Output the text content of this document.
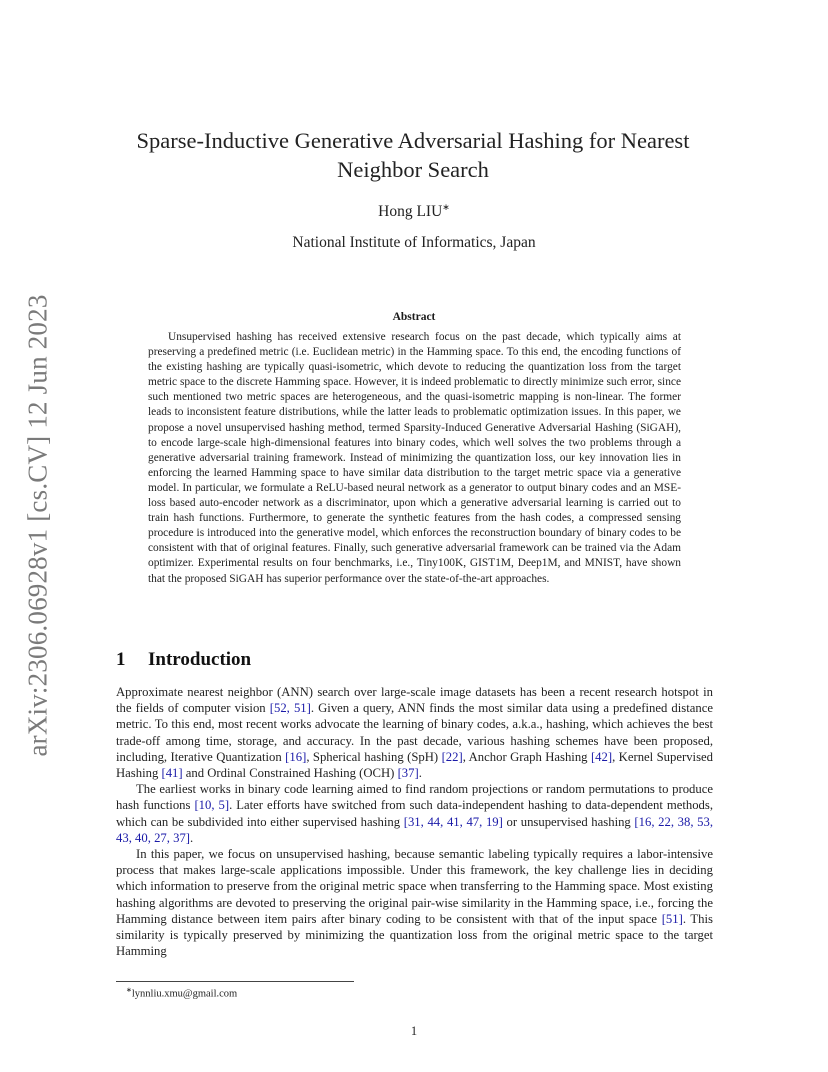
arXiv:2306.06928v1 [cs.CV] 12 Jun 2023
Sparse-Inductive Generative Adversarial Hashing for Nearest Neighbor Search
Hong LIU∗
National Institute of Informatics, Japan
Abstract
Unsupervised hashing has received extensive research focus on the past decade, which typically aims at preserving a predefined metric (i.e. Euclidean metric) in the Hamming space. To this end, the encoding functions of the existing hashing are typically quasi-isometric, which devote to reducing the quantization loss from the target metric space to the discrete Hamming space. However, it is indeed problematic to directly minimize such error, since such mentioned two metric spaces are heterogeneous, and the quasi-isometric mapping is non-linear. The former leads to inconsistent feature distributions, while the latter leads to problematic optimization issues. In this paper, we propose a novel unsupervised hashing method, termed Sparsity-Induced Generative Adversarial Hashing (SiGAH), to encode large-scale high-dimensional features into binary codes, which well solves the two problems through a generative adversarial training framework. Instead of minimizing the quantization loss, our key innovation lies in enforcing the learned Hamming space to have similar data distribution to the target metric space via a generative model. In particular, we formulate a ReLU-based neural network as a generator to output binary codes and an MSE-loss based auto-encoder network as a discriminator, upon which a generative adversarial learning is carried out to train hash functions. Furthermore, to generate the synthetic features from the hash codes, a compressed sensing procedure is introduced into the generative model, which enforces the reconstruction boundary of binary codes to be consistent with that of original features. Finally, such generative adversarial framework can be trained via the Adam optimizer. Experimental results on four benchmarks, i.e., Tiny100K, GIST1M, Deep1M, and MNIST, have shown that the proposed SiGAH has superior performance over the state-of-the-art approaches.
1 Introduction

Approximate nearest neighbor (ANN) search over large-scale image datasets has been a recent research hotspot in the fields of computer vision [52, 51]. Given a query, ANN finds the most similar data using a predefined distance metric. To this end, most recent works advocate the learning of binary codes, a.k.a., hashing, which achieves the best trade-off among time, storage, and accuracy. In the past decade, various hashing schemes have been proposed, including, Iterative Quantization [16], Spherical hashing (SpH) [22], Anchor Graph Hashing [42], Kernel Supervised Hashing [41] and Ordinal Constrained Hashing (OCH) [37].

The earliest works in binary code learning aimed to find random projections or random permutations to produce hash functions [10, 5]. Later efforts have switched from such data-independent hashing to data-dependent methods, which can be subdivided into either supervised hashing [31, 44, 41, 47, 19] or unsupervised hashing [16, 22, 38, 53, 43, 40, 27, 37].

In this paper, we focus on unsupervised hashing, because semantic labeling typically requires a labor-intensive process that makes large-scale applications impossible. Under this framework, the key challenge lies in deciding which information to preserve from the original metric space when transferring to the Hamming space. Most existing hashing algorithms are devoted to preserving the original pair-wise similarity in the Hamming space, i.e., forcing the Hamming distance between item pairs after binary coding to be consistent with that of the input space [51]. This similarity is typically preserved by minimizing the quantization loss from the original metric space to the target Hamming

∗lynnliu.xmu@gmail.com
1
